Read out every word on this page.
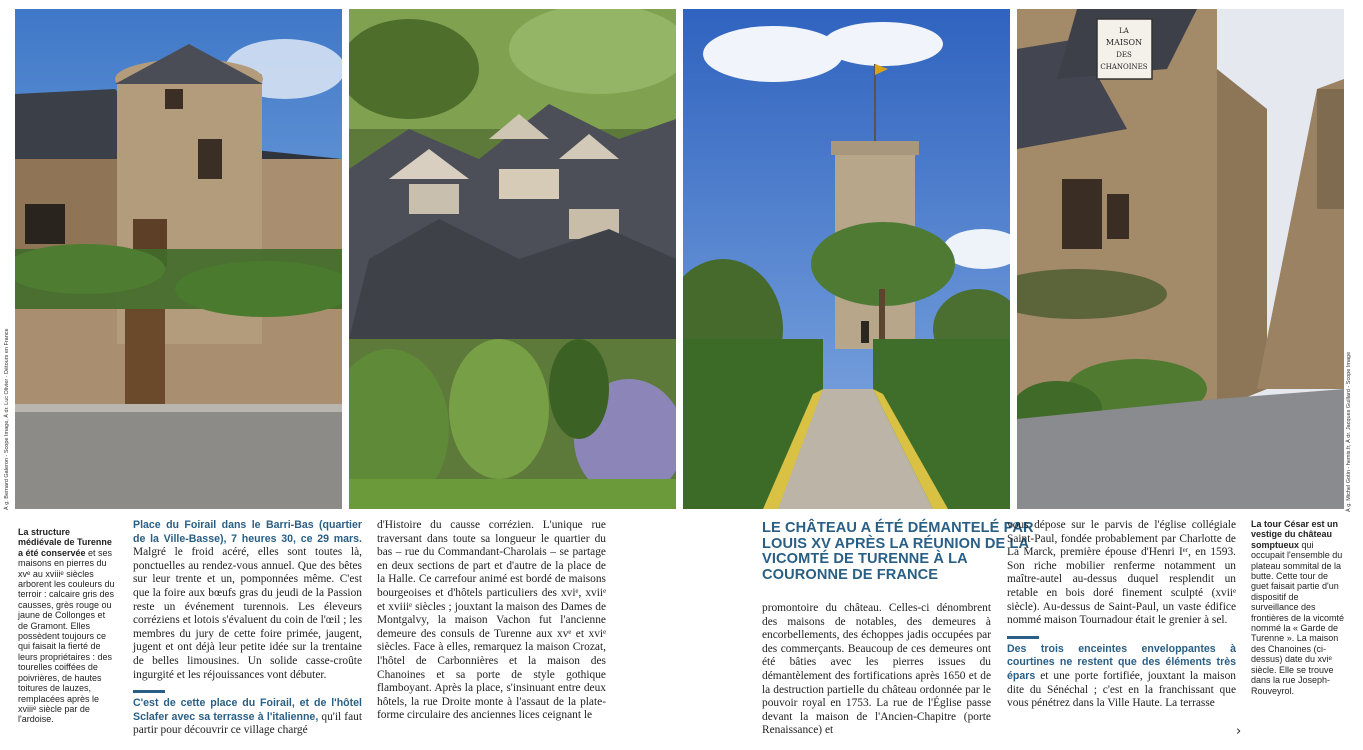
LA
MAISON
DES
CHANOINES
À g. Bernard Galeron - Scope Image, À dr. Luc Olivier - Détours en France	À g. Michel Gotin - hemis.fr, À dr. Jacques Guillard - Scope Image
La structure médiévale de Turenne a été conservée et ses maisons en pierres du xvᵉ au xviiiᵉ siècles arborent les couleurs du terroir : calcaire gris des causses, grès rouge ou jaune de Collonges et de Gramont. Elles possèdent toujours ce qui faisait la fierté de leurs propriétaires : des tourelles coiffées de poivrières, de hautes toitures de lauzes, remplacées après le xviiiᵉ siècle par de l'ardoise.
Place du Foirail dans le Barri-Bas (quartier de la Ville-Basse), 7 heures 30, ce 29 mars. Malgré le froid acéré, elles sont toutes là, ponctuelles au rendez-vous annuel. Que des bêtes sur leur trente et un, pomponnées même. C'est que la foire aux bœufs gras du jeudi de la Passion reste un événement turennois. Les éleveurs corréziens et lotois s'évaluent du coin de l'œil ; les membres du jury de cette foire primée, jaugent, jugent et ont déjà leur petite idée sur la trentaine de belles limousines. Un solide casse-croûte ingurgité et les réjouissances vont débuter.
C'est de cette place du Foirail, et de l'hôtel Sclafer avec sa terrasse à l'italienne, qu'il faut partir pour découvrir ce village chargé
d'Histoire du causse corrézien. L'unique rue traversant dans toute sa longueur le quartier du bas – rue du Commandant-Charolais – se partage en deux sections de part et d'autre de la place de la Halle. Ce carrefour animé est bordé de maisons bourgeoises et d'hôtels particuliers des xviᵉ, xviiᵉ et xviiiᵉ siècles ; jouxtant la maison des Dames de Montgalvy, la maison Vachon fut l'ancienne demeure des consuls de Turenne aux xvᵉ et xviᵉ siècles. Face à elles, remarquez la maison Crozat, l'hôtel de Carbonnières et la maison des Chanoines et sa porte de style gothique flamboyant. Après la place, s'insinuant entre deux hôtels, la rue Droite monte à l'assaut de la plate-forme circulaire des anciennes lices ceignant le
LE CHÂTEAU A ÉTÉ DÉMANTELÉ PAR LOUIS XV APRÈS LA RÉUNION DE LA VICOMTÉ DE TURENNE À LA COURONNE DE FRANCE
promontoire du château. Celles-ci dénombrent des maisons de notables, des demeures à encorbellements, des échoppes jadis occupées par des commerçants. Beaucoup de ces demeures ont été bâties avec les pierres issues du démantèlement des fortifications après 1650 et de la destruction partielle du château ordonnée par le pouvoir royal en 1753. La rue de l'Église passe devant la maison de l'Ancien-Chapitre (porte Renaissance) et
vous dépose sur le parvis de l'église collégiale Saint-Paul, fondée probablement par Charlotte de La Marck, première épouse d'Henri Iᵉʳ, en 1593. Son riche mobilier renferme notamment un maître-autel au-dessus duquel resplendit un retable en bois doré finement sculpté (xviiᵉ siècle). Au-dessus de Saint-Paul, un vaste édifice nommé maison Tournadour était le grenier à sel.
Des trois enceintes enveloppantes à courtines ne restent que des éléments très épars et une porte fortifiée, jouxtant la maison dite du Sénéchal ; c'est en la franchissant que vous pénétrez dans la Ville Haute. La terrasse
La tour César est un vestige du château somptueux qui occupait l'ensemble du plateau sommital de la butte. Cette tour de guet faisait partie d'un dispositif de surveillance des frontières de la vicomté nommé la « Garde de Turenne ». La maison des Chanoines (ci-dessus) date du xviᵉ siècle. Elle se trouve dans la rue Joseph-Rouveyrol.
›
